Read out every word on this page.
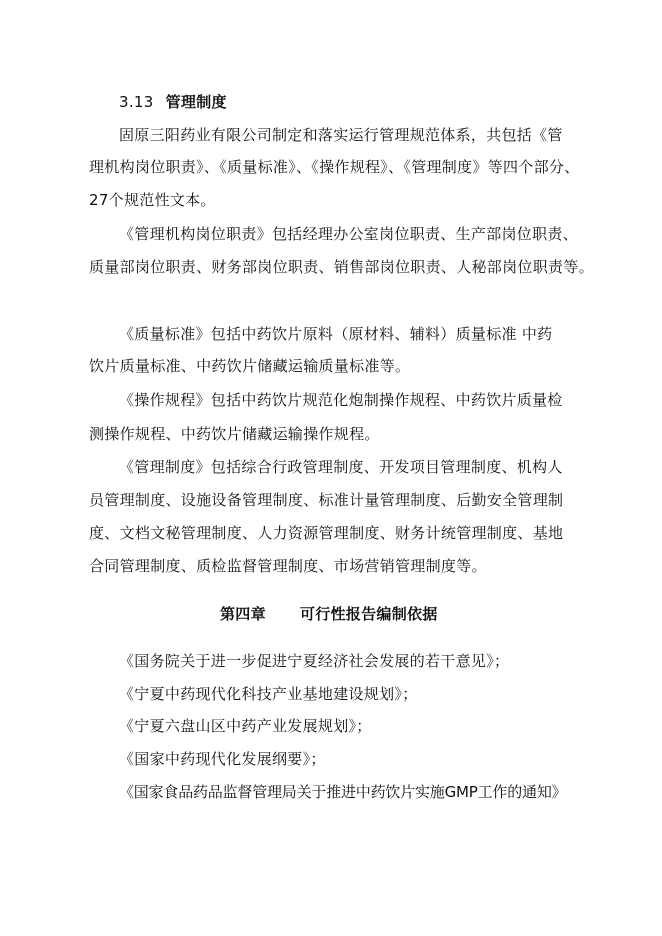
3.13 管理制度
固原三阳药业有限公司制定和落实运行管理规范体系，共包括《管
理机构岗位职责》、《质量标准》、《操作规程》、《管理制度》等四个部分、
27个规范性文本。
《管理机构岗位职责》包括经理办公室岗位职责、生产部岗位职责、
质量部岗位职责、财务部岗位职责、销售部岗位职责、人秘部岗位职责等。
《质量标准》包括中药饮片原料（原材料、辅料）质量标准 中药
饮片质量标准、中药饮片储藏运输质量标准等。
《操作规程》包括中药饮片规范化炮制操作规程、中药饮片质量检
测操作规程、中药饮片储藏运输操作规程。
《管理制度》包括综合行政管理制度、开发项目管理制度、机构人
员管理制度、设施设备管理制度、标准计量管理制度、后勤安全管理制
度、文档文秘管理制度、人力资源管理制度、财务计统管理制度、基地
合同管理制度、质检监督管理制度、市场营销管理制度等。
第四章 可行性报告编制依据
《国务院关于进一步促进宁夏经济社会发展的若干意见》；
《宁夏中药现代化科技产业基地建设规划》；
《宁夏六盘山区中药产业发展规划》；
《国家中药现代化发展纲要》；
《国家食品药品监督管理局关于推进中药饮片实施GMP工作的通知》
